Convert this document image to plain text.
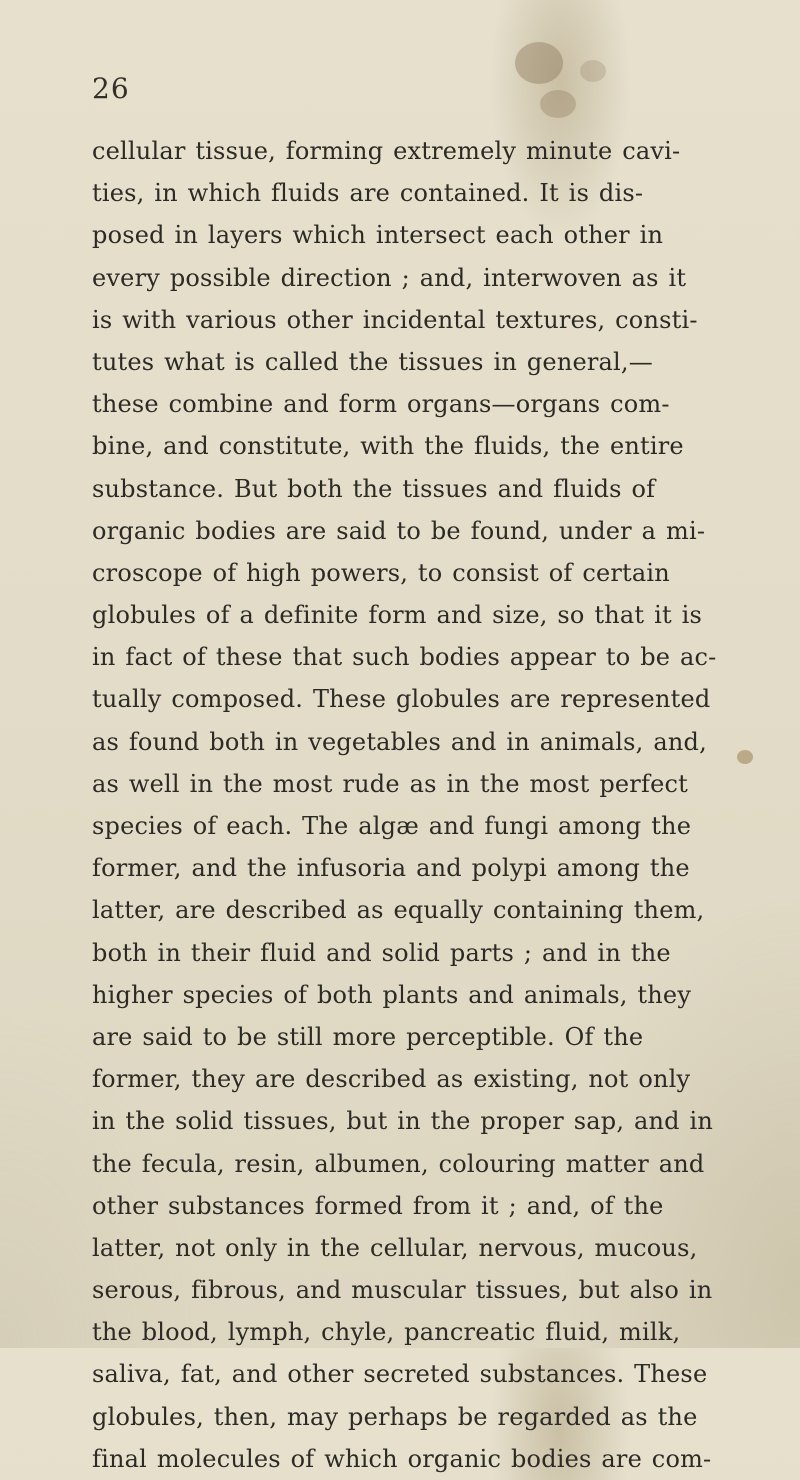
26
cellular tissue, forming extremely minute cavi-
ties, in which fluids are contained. It is dis-
posed in layers which intersect each other in
every possible direction ; and, interwoven as it
is with various other incidental textures, consti-
tutes what is called the tissues in general,—
these combine and form organs—organs com-
bine, and constitute, with the fluids, the entire
substance. But both the tissues and fluids of
organic bodies are said to be found, under a mi-
croscope of high powers, to consist of certain
globules of a definite form and size, so that it is
in fact of these that such bodies appear to be ac-
tually composed. These globules are represented
as found both in vegetables and in animals, and,
as well in the most rude as in the most perfect
species of each. The algæ and fungi among the
former, and the infusoria and polypi among the
latter, are described as equally containing them,
both in their fluid and solid parts ; and in the
higher species of both plants and animals, they
are said to be still more perceptible. Of the
former, they are described as existing, not only
in the solid tissues, but in the proper sap, and in
the fecula, resin, albumen, colouring matter and
other substances formed from it ; and, of the
latter, not only in the cellular, nervous, mucous,
serous, fibrous, and muscular tissues, but also in
the blood, lymph, chyle, pancreatic fluid, milk,
saliva, fat, and other secreted substances. These
globules, then, may perhaps be regarded as the
final molecules of which organic bodies are com-
